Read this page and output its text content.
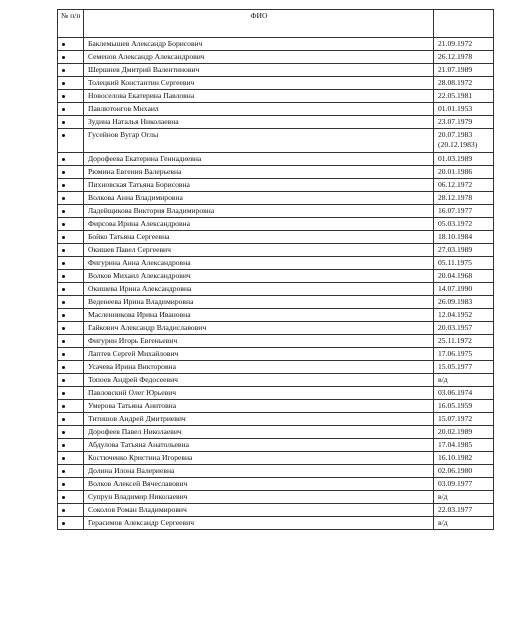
№ п/п	ФИО	
	Баклемышев Александр Борисович	21.09.1972
	Семенов Александр Александрович	26.12.1978
	Шершнев Дмитрий Валентинович	21.07.1989
	Толецкий Константин Сергеевич	28.08.1972
	Новоселова Екатерина Павловна	22.05.1981
	Павлютонгов Михаил	01.01.1953
	Зудина Наталья Николаевна	23.07.1979
	Гусейнов Вугар Оглы	20.07.1983 (20.12.1983)
	Дорофеева Екатерина Геннадиевна	01.03.1989
	Рюмина Евгения Валерьевна	20.01.1986
	Пихновская Татьяна Борисовна	06.12.1972
	Волкова Анна Владимировна	28.12.1978
	Ладейщикова Виктория Владимировна	16.07.1977
	Фирсова Ирина Александровна	05.03.1972
	Бойко Татьяна Сергеевна	18.10.1984
	Окишев Павел Сергеевич	27.03.1989
	Фигурина Анна Александровна	05.11.1975
	Волков Михаил Александрович	20.04.1968
	Окишева Ирина Александровна	14.07.1990
	Веденеева Ирина Владимировна	26.09.1983
	Масленникова Ирина Ивановна	12.04.1952
	Гайкович Александр Владиславович	20.03.1957
	Фигурин Игорь Евгеньевич	25.11.1972
	Лаптев Сергей Михайлович	17.06.1975
	Усачева Ирина Викторовна	15.05.1977
	Топоев Андрей Федосеевич	в/д
	Павловский Олег Юрьевич	03.06.1974
	Умерова Татьяна Анитовна	16.05.1959
	Титишов Андрей Дмитриевич	15.07.1972
	Дорофеев Павел Николаевич	20.02.1989
	Абдулова Татьяна Анатольевна	17.04.1985
	Костюченко Кристина Игоревна	16.10.1982
	Долина Илона Валериевна	02.06.1980
	Волков Алексей Вячеславович	03.09.1977
	Супрун Владимир Николаевич	в/д
	Соколов Роман Владимирович	22.03.1977
	Герасимов Александр Сергеевич	в/д
